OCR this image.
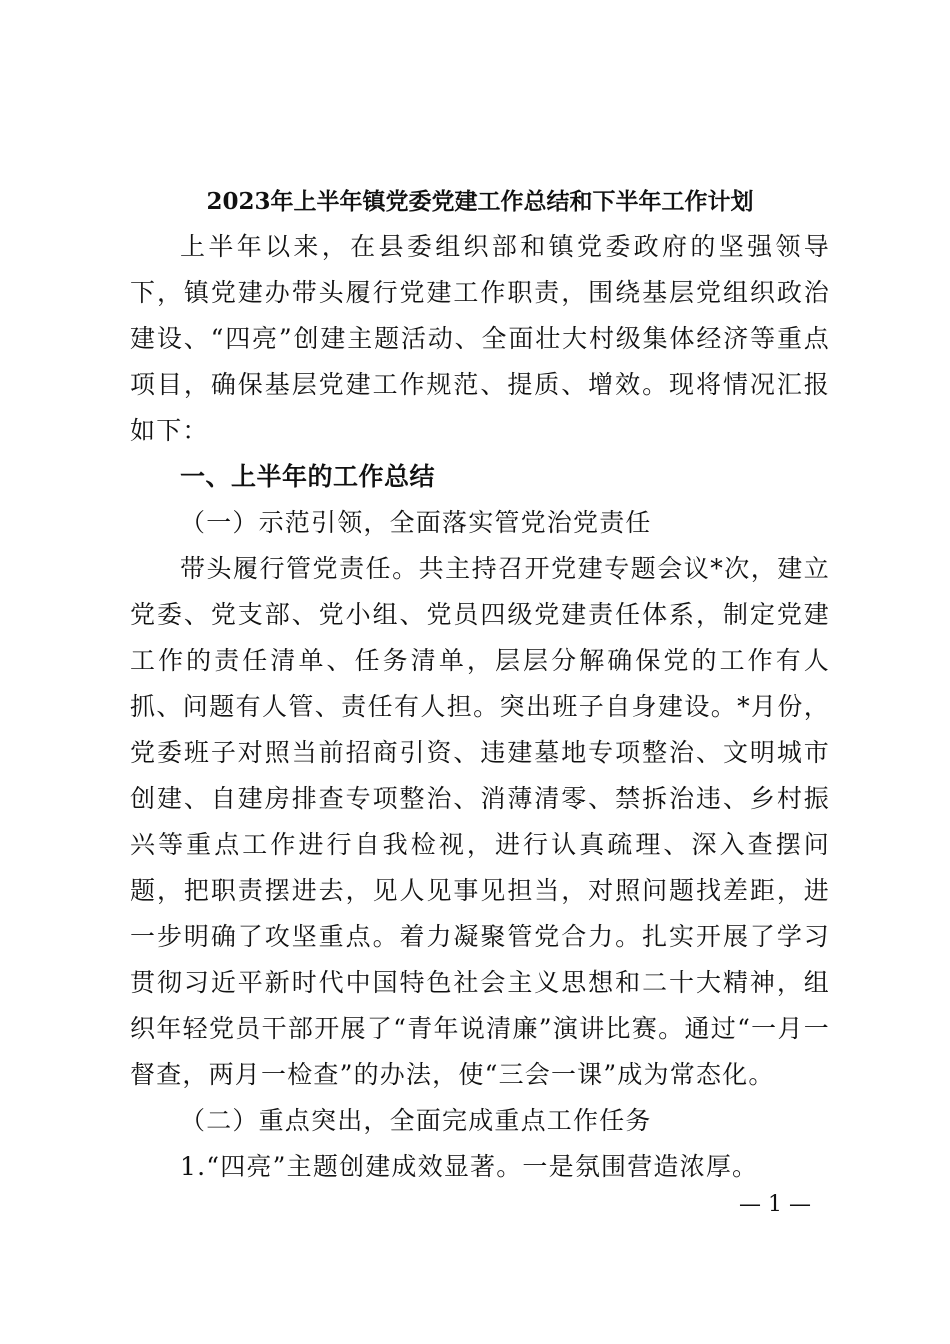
2023年上半年镇党委党建工作总结和下半年工作计划

上半年以来，在县委组织部和镇党委政府的坚强领导下，镇党建办带头履行党建工作职责，围绕基层党组织政治建设、“四亮”创建主题活动、全面壮大村级集体经济等重点项目，确保基层党建工作规范、提质、增效。现将情况汇报如下：

一、上半年的工作总结

（一）示范引领，全面落实管党治党责任

带头履行管党责任。共主持召开党建专题会议*次，建立党委、党支部、党小组、党员四级党建责任体系，制定党建工作的责任清单、任务清单，层层分解确保党的工作有人抓、问题有人管、责任有人担。突出班子自身建设。*月份，党委班子对照当前招商引资、违建墓地专项整治、文明城市创建、自建房排查专项整治、消薄清零、禁拆治违、乡村振兴等重点工作进行自我检视，进行认真疏理、深入查摆问题，把职责摆进去，见人见事见担当，对照问题找差距，进一步明确了攻坚重点。着力凝聚管党合力。扎实开展了学习贯彻习近平新时代中国特色社会主义思想和二十大精神，组织年轻党员干部开展了“青年说清廉”演讲比赛。通过“一月一督查，两月一检查”的办法，使“三会一课”成为常态化。

（二）重点突出，全面完成重点工作任务

1.“四亮”主题创建成效显著。一是氛围营造浓厚。

— 1 —
